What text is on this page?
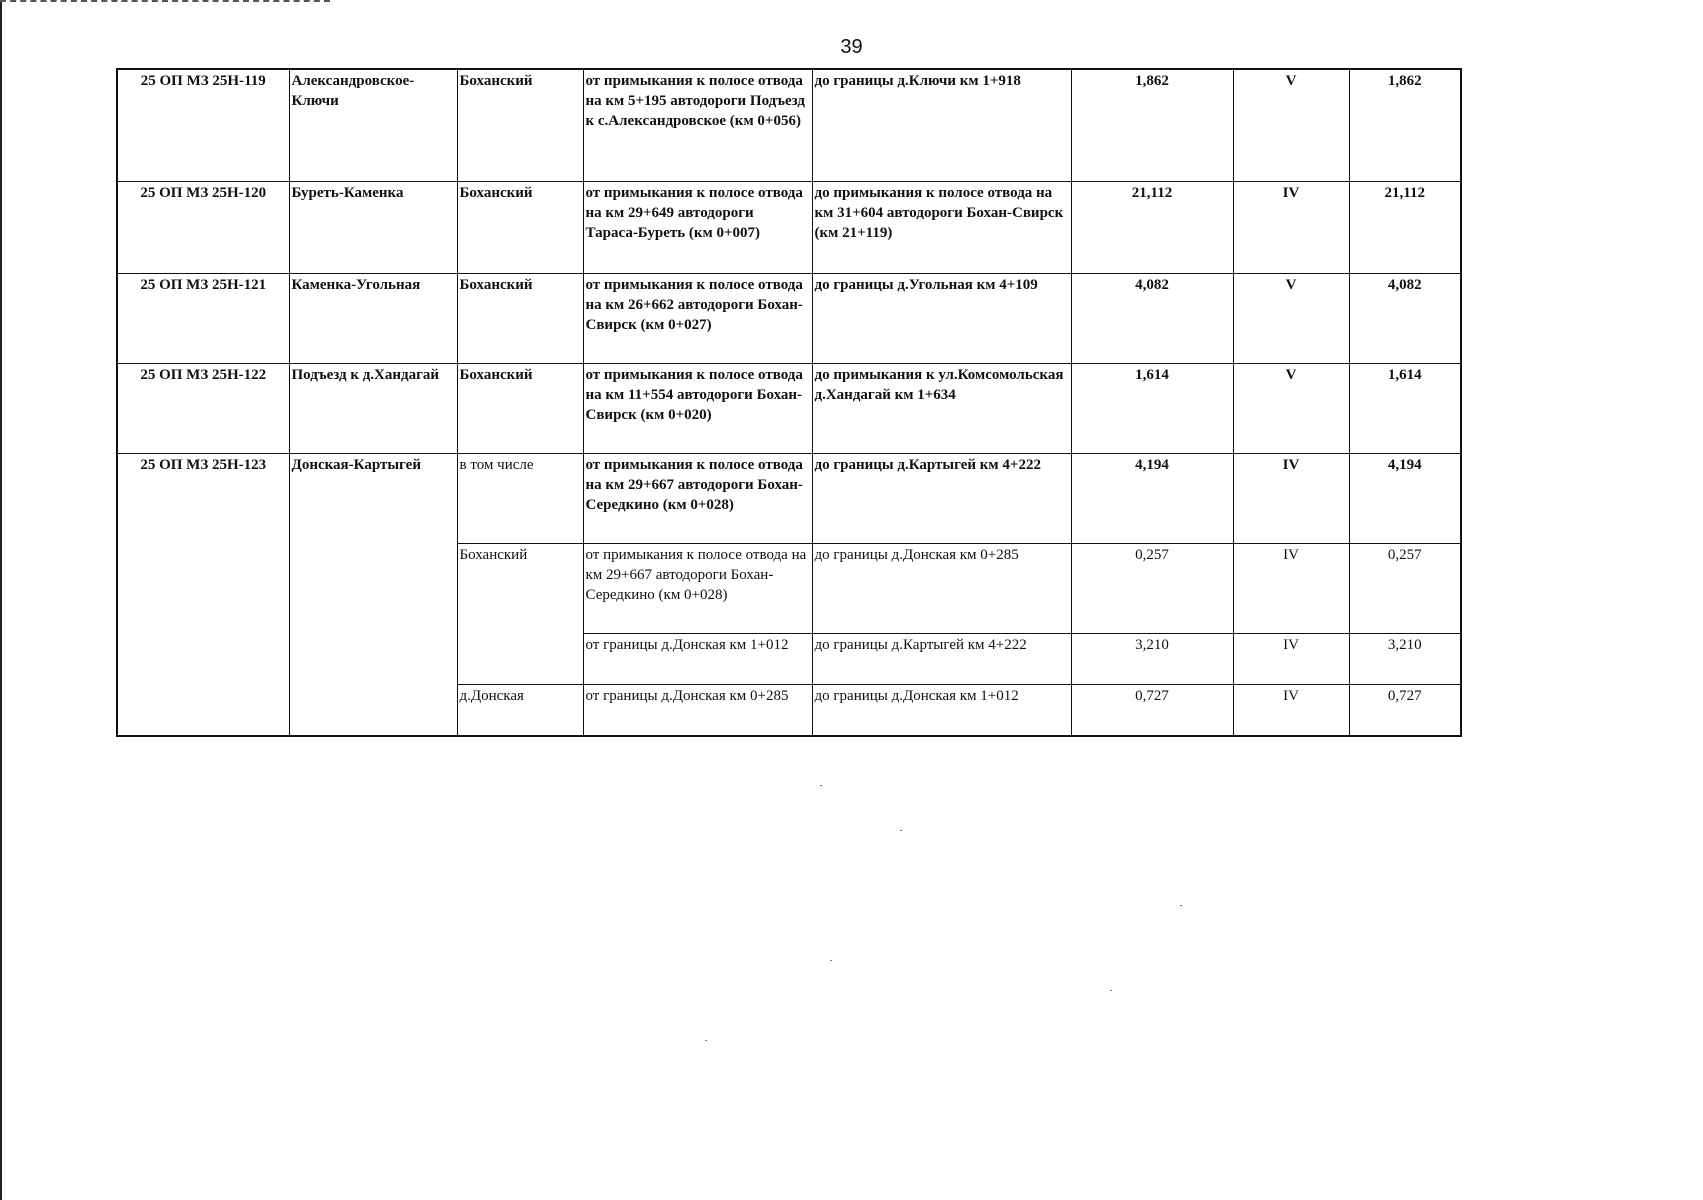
39
25 ОП МЗ 25Н-119	Александровское-Ключи	Боханский	от примыкания к полосе отвода на км 5+195 автодороги Подъезд к с.Александровское (км 0+056)	до границы д.Ключи км 1+918	1,862	V	1,862
25 ОП МЗ 25Н-120	Буреть-Каменка	Боханский	от примыкания к полосе отвода на км 29+649 автодороги Тараса-Буреть (км 0+007)	до примыкания к полосе отвода на км 31+604 автодороги Бохан-Свирск (км 21+119)	21,112	IV	21,112
25 ОП МЗ 25Н-121	Каменка-Угольная	Боханский	от примыкания к полосе отвода на км 26+662 автодороги Бохан-Свирск (км 0+027)	до границы д.Угольная км 4+109	4,082	V	4,082
25 ОП МЗ 25Н-122	Подъезд к д.Хандагай	Боханский	от примыкания к полосе отвода на км 11+554 автодороги Бохан-Свирск (км 0+020)	до примыкания к ул.Комсомольская д.Хандагай км 1+634	1,614	V	1,614
25 ОП МЗ 25Н-123	Донская-Картыгей	в том числе	от примыкания к полосе отвода на км 29+667 автодороги Бохан-Середкино (км 0+028)	до границы д.Картыгей км 4+222	4,194	IV	4,194
		Боханский	от примыкания к полосе отвода на км 29+667 автодороги Бохан-Середкино (км 0+028)	до границы д.Донская км 0+285	0,257	IV	0,257
			от границы д.Донская км 1+012	до границы д.Картыгей км 4+222	3,210	IV	3,210
		д.Донская	от границы д.Донская км 0+285	до границы д.Донская км 1+012	0,727	IV	0,727
